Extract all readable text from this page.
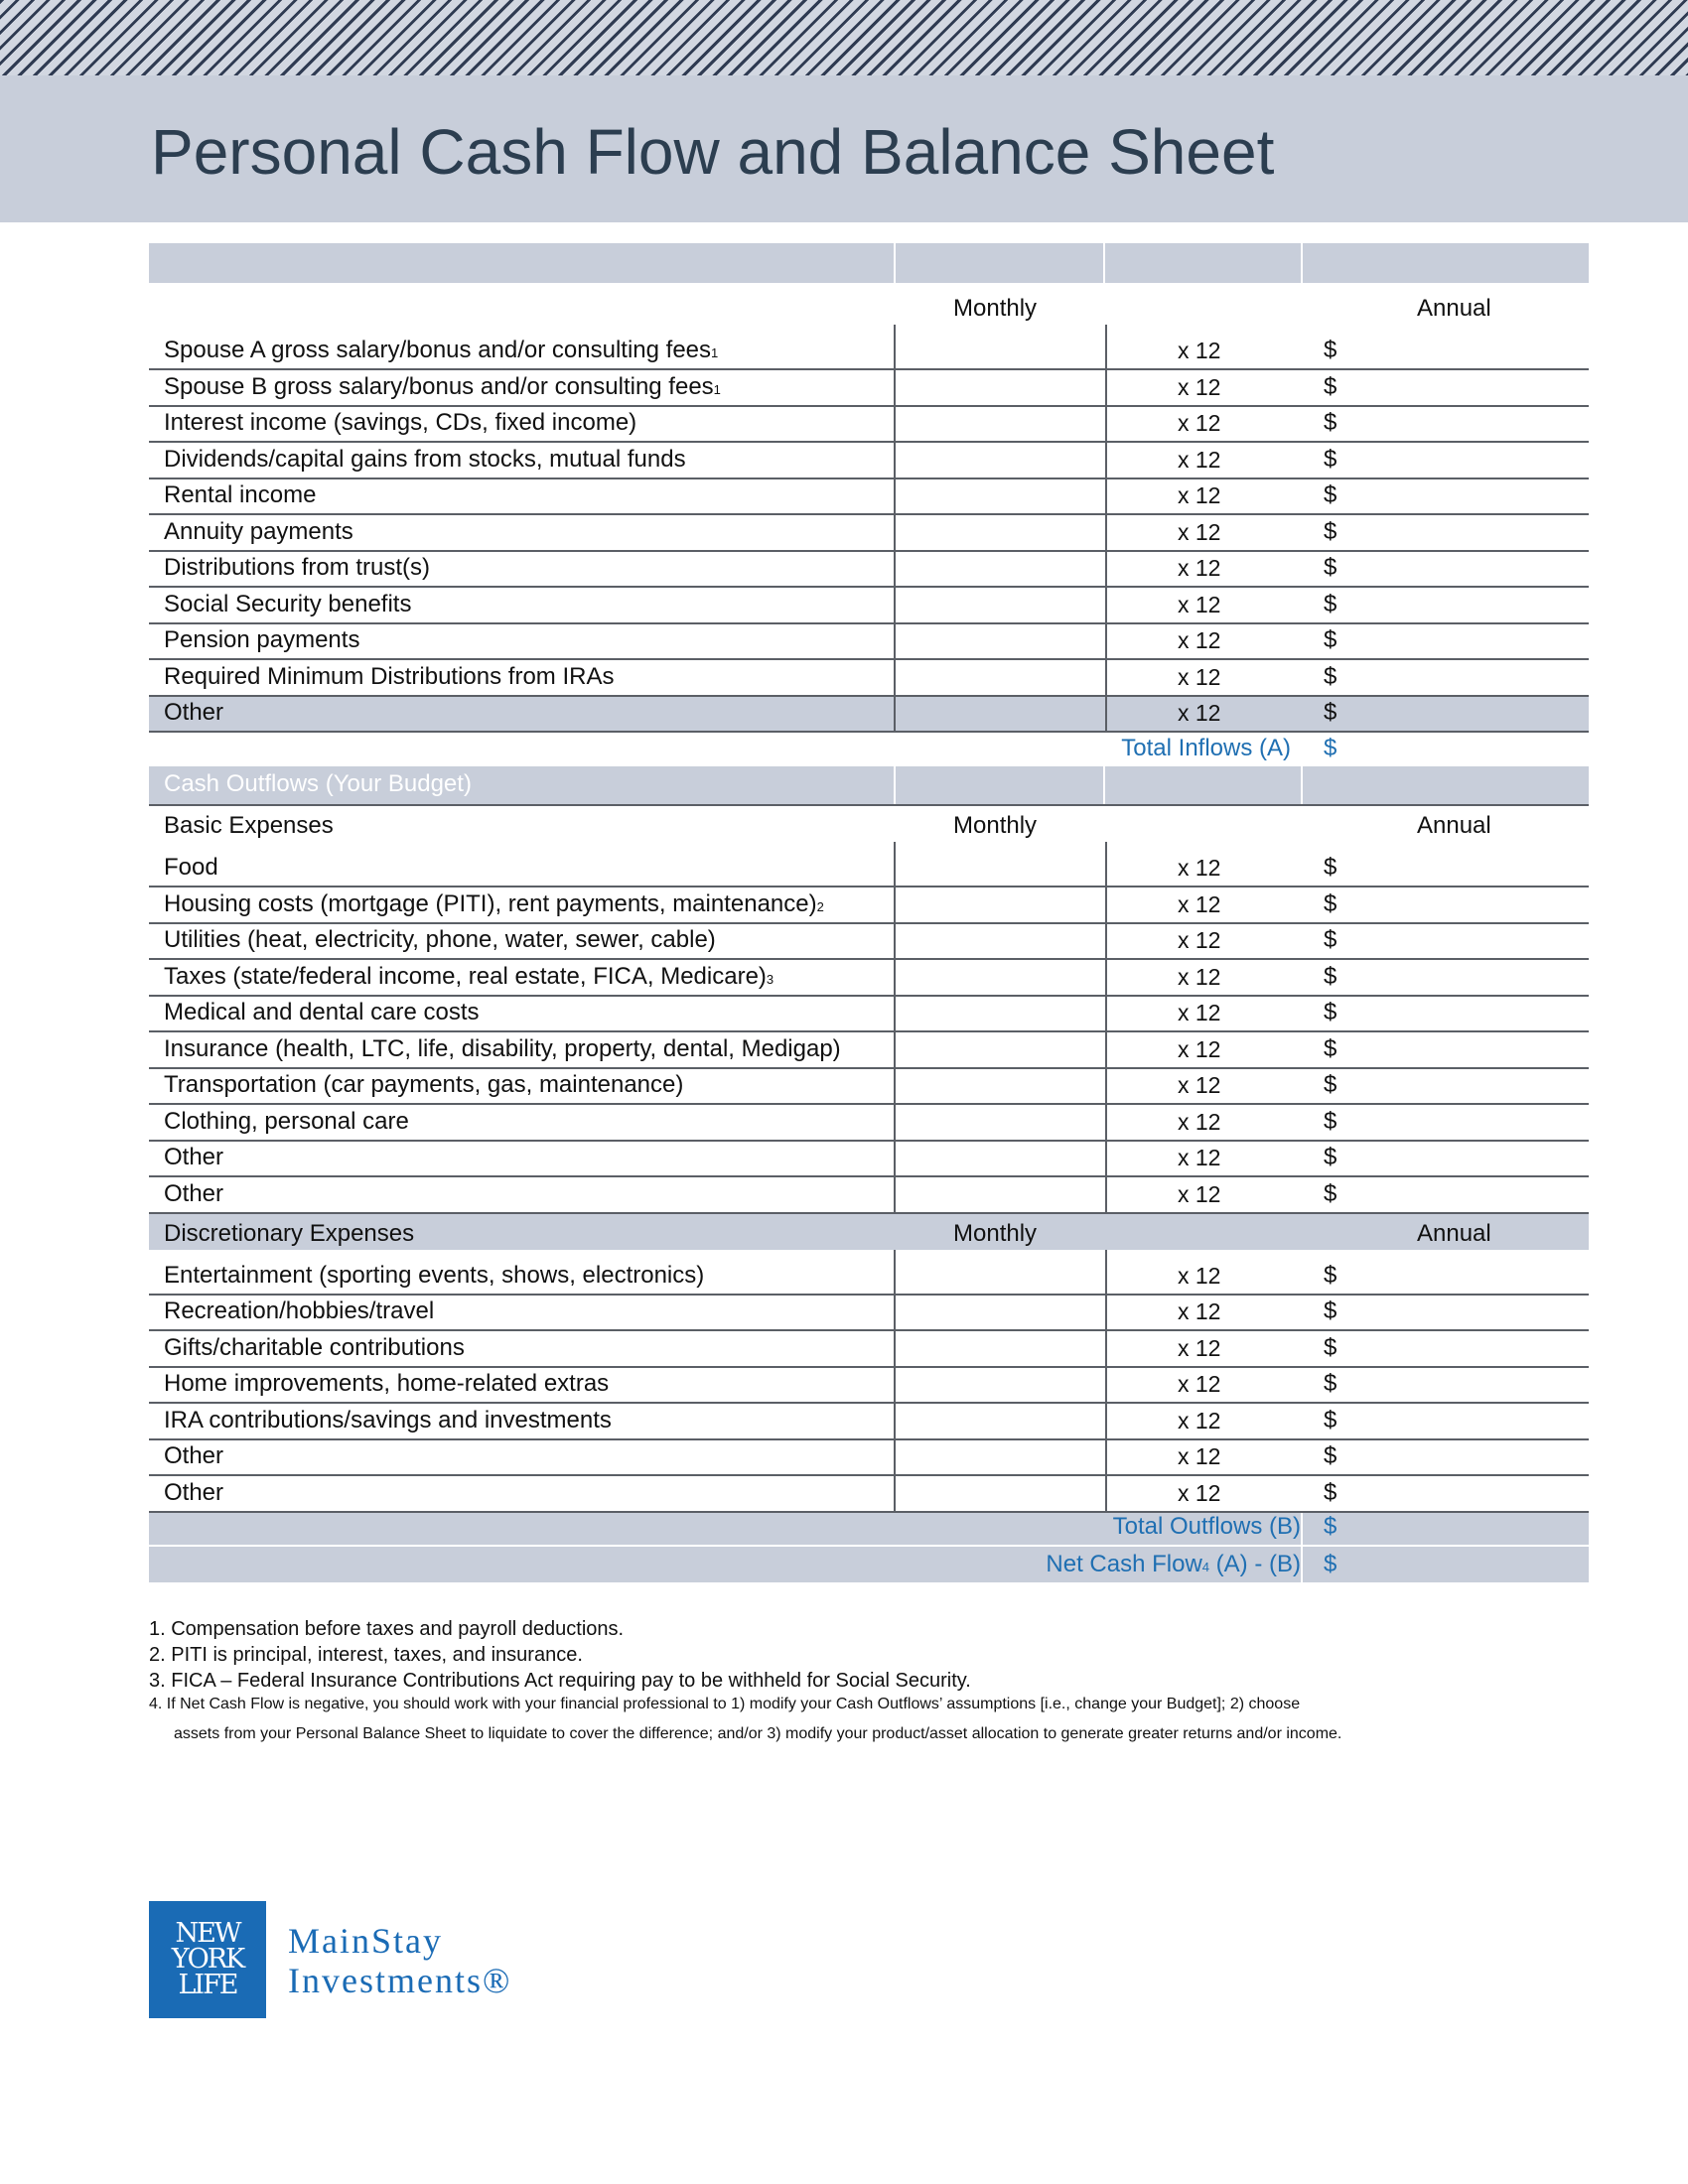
Personal Cash Flow and Balance Sheet
Cash Inflows (Your Income)
Monthly	Annual
Spouse A gross salary/bonus and/or consulting fees1	x 12	$
Spouse B gross salary/bonus and/or consulting fees1	x 12	$
Interest income (savings, CDs, fixed income)	x 12	$
Dividends/capital gains from stocks, mutual funds	x 12	$
Rental income	x 12	$
Annuity payments	x 12	$
Distributions from trust(s)	x 12	$
Social Security benefits	x 12	$
Pension payments	x 12	$
Required Minimum Distributions from IRAs	x 12	$
Other	x 12	$
Total Inflows (A) $
Cash Outflows (Your Budget)
Basic Expenses	Monthly	Annual
Food	x 12	$
Housing costs (mortgage (PITI), rent payments, maintenance)2	x 12	$
Utilities (heat, electricity, phone, water, sewer, cable)	x 12	$
Taxes (state/federal income, real estate, FICA, Medicare)3	x 12	$
Medical and dental care costs	x 12	$
Insurance (health, LTC, life, disability, property, dental, Medigap)	x 12	$
Transportation (car payments, gas, maintenance)	x 12	$
Clothing, personal care	x 12	$
Other	x 12	$
Other	x 12	$
Discretionary Expenses	Monthly	Annual
Entertainment (sporting events, shows, electronics)	x 12	$
Recreation/hobbies/travel	x 12	$
Gifts/charitable contributions	x 12	$
Home improvements, home-related extras	x 12	$
IRA contributions/savings and investments	x 12	$
Other	x 12	$
Other	x 12	$
Total Outflows (B) $
Net Cash Flow4 (A) - (B) $
1. Compensation before taxes and payroll deductions.
2. PITI is principal, interest, taxes, and insurance.
3. FICA – Federal Insurance Contributions Act requiring pay to be withheld for Social Security.
4. If Net Cash Flow is negative, you should work with your financial professional to 1) modify your Cash Outflows’ assumptions [i.e., change your Budget]; 2) choose
assets from your Personal Balance Sheet to liquidate to cover the difference; and/or 3) modify your product/asset allocation to generate greater returns and/or income.
NEW
YORK
LIFE
MainStay
Investments®
